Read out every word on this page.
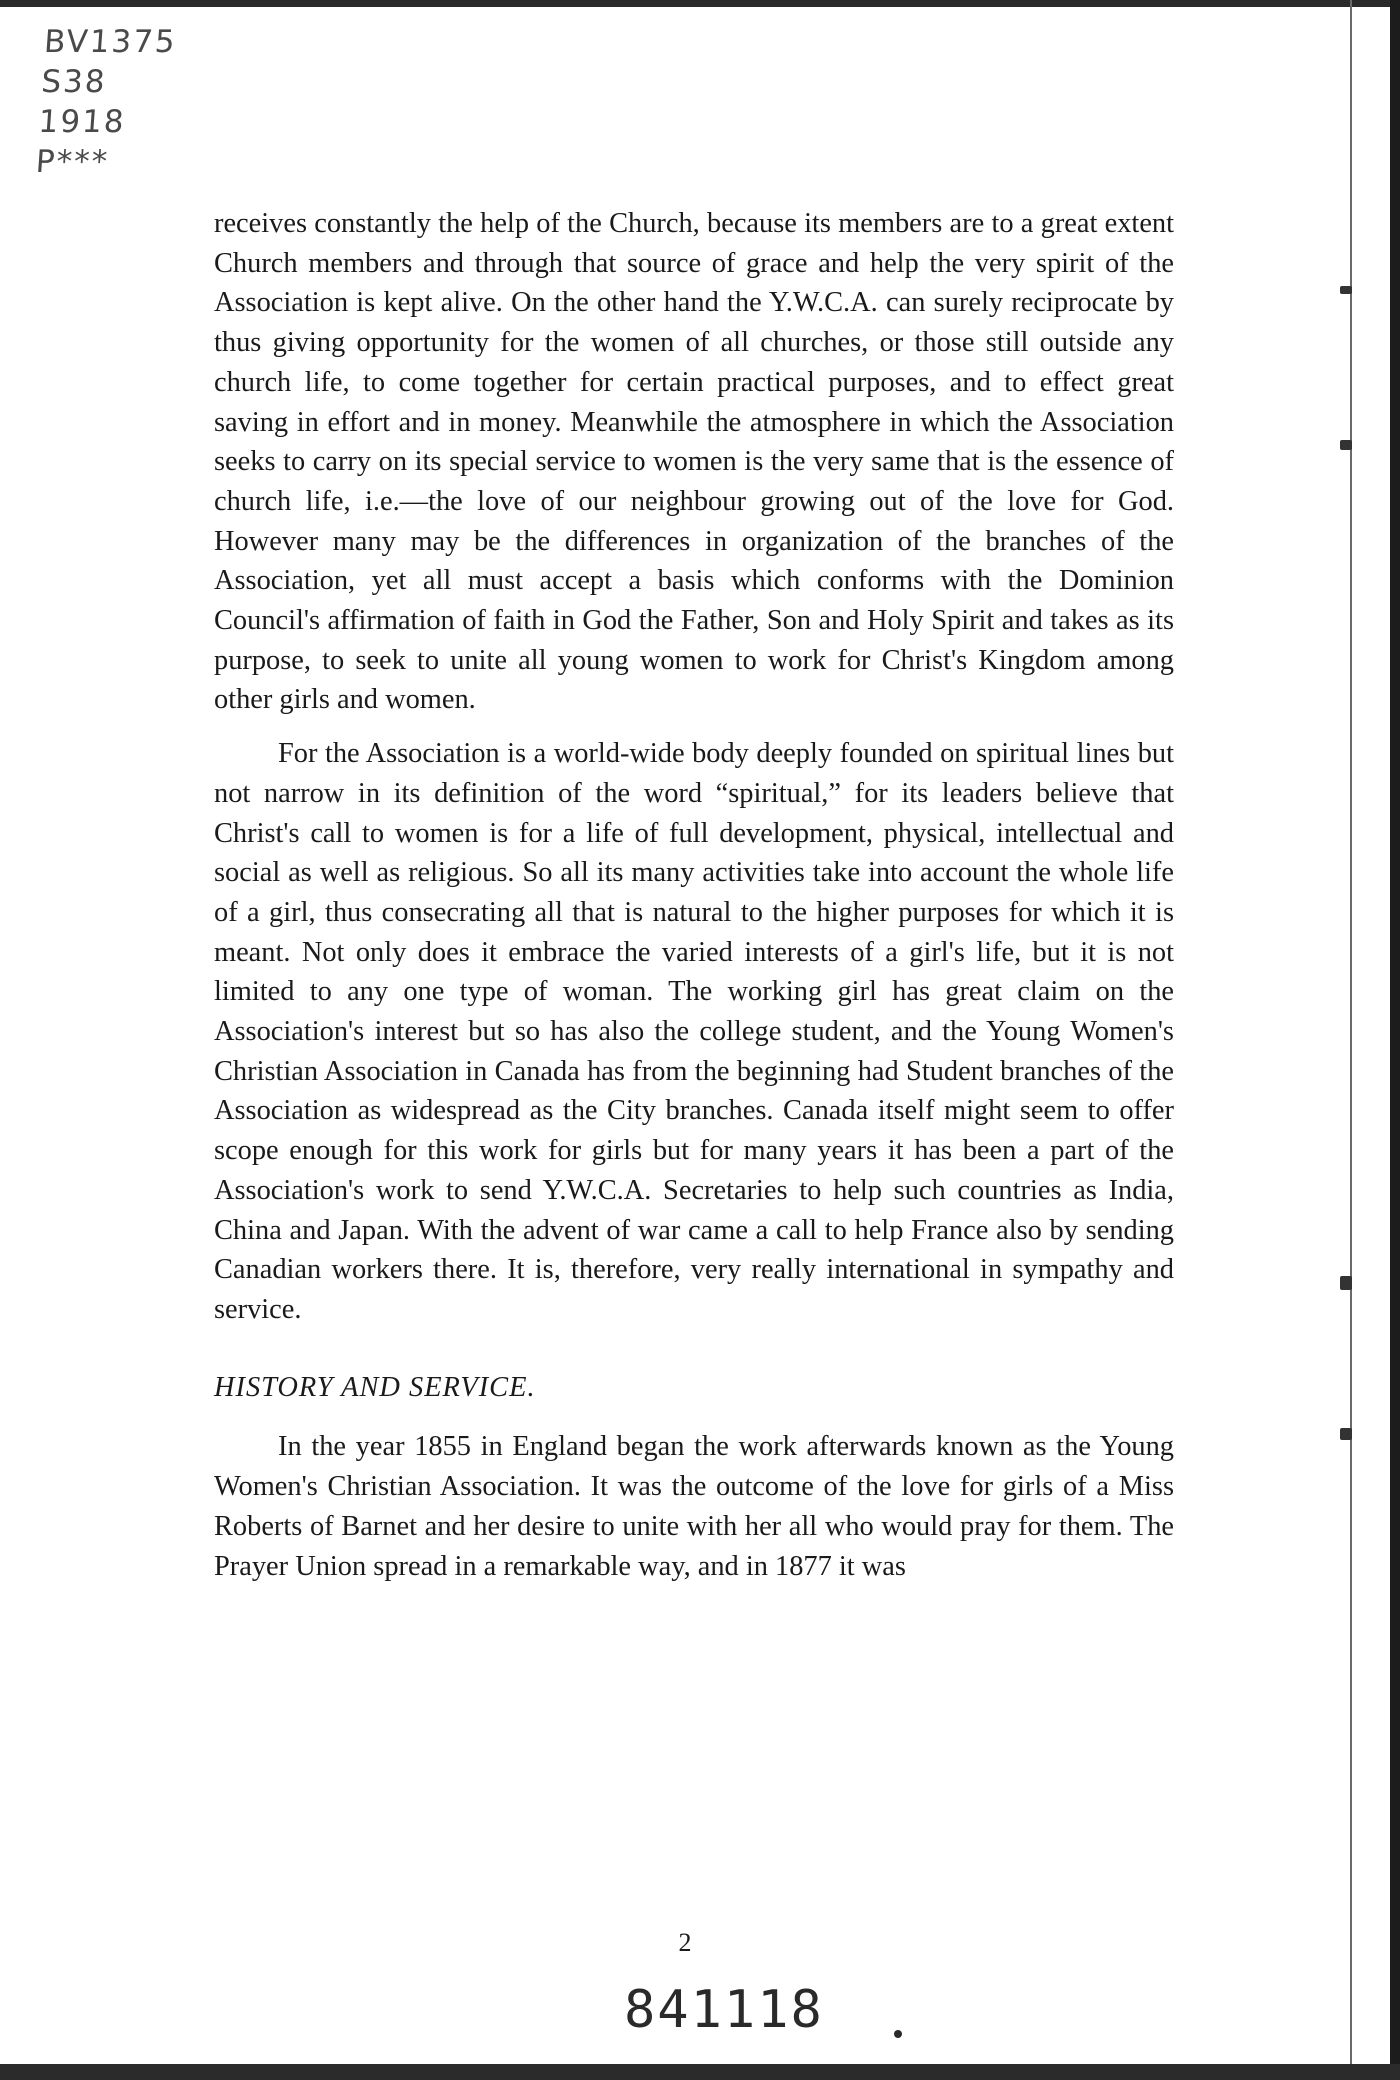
BV1375
S38
1918
P***

receives constantly the help of the Church, because its members are to a great extent Church members and through that source of grace and help the very spirit of the Association is kept alive. On the other hand the Y.W.C.A. can surely reciprocate by thus giving opportunity for the women of all churches, or those still outside any church life, to come together for certain practical purposes, and to effect great saving in effort and in money. Meanwhile the atmosphere in which the Association seeks to carry on its special service to women is the very same that is the essence of church life, i.e.—the love of our neighbour growing out of the love for God. However many may be the differences in organization of the branches of the Association, yet all must accept a basis which conforms with the Dominion Council's affirmation of faith in God the Father, Son and Holy Spirit and takes as its purpose, to seek to unite all young women to work for Christ's Kingdom among other girls and women.

For the Association is a world-wide body deeply founded on spiritual lines but not narrow in its definition of the word “spiritual,” for its leaders believe that Christ's call to women is for a life of full development, physical, intellectual and social as well as religious. So all its many activities take into account the whole life of a girl, thus consecrating all that is natural to the higher purposes for which it is meant. Not only does it embrace the varied interests of a girl's life, but it is not limited to any one type of woman. The working girl has great claim on the Association's interest but so has also the college student, and the Young Women's Christian Association in Canada has from the beginning had Student branches of the Association as widespread as the City branches. Canada itself might seem to offer scope enough for this work for girls but for many years it has been a part of the Association's work to send Y.W.C.A. Secretaries to help such countries as India, China and Japan. With the advent of war came a call to help France also by sending Canadian workers there. It is, therefore, very really international in sympathy and service.

HISTORY AND SERVICE.

In the year 1855 in England began the work afterwards known as the Young Women's Christian Association. It was the outcome of the love for girls of a Miss Roberts of Barnet and her desire to unite with her all who would pray for them. The Prayer Union spread in a remarkable way, and in 1877 it was

2
841118
